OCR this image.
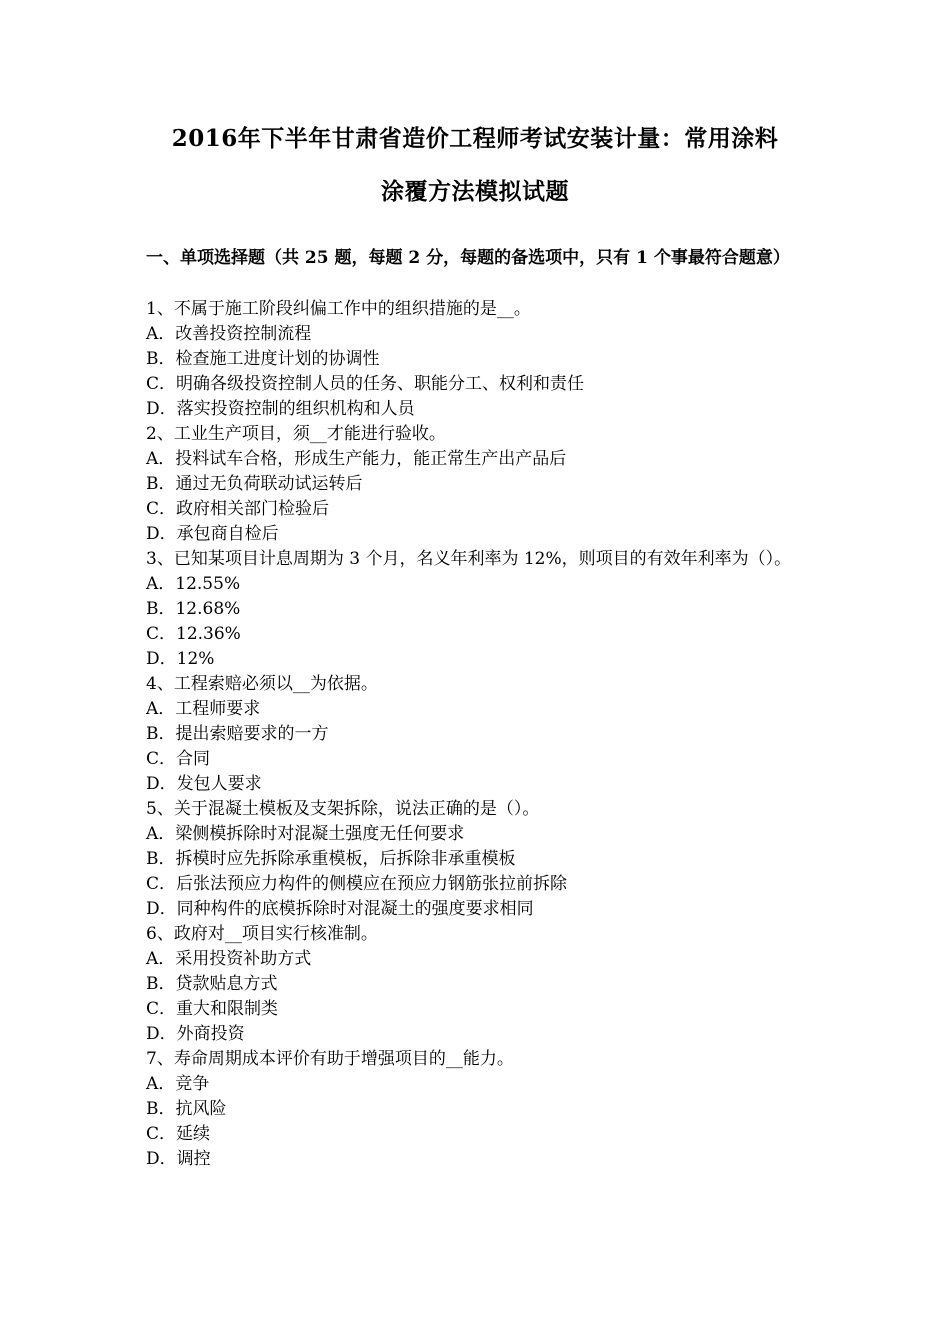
2016年下半年甘肃省造价工程师考试安装计量：常用涂料
涂覆方法模拟试题
一、单项选择题（共 25 题，每题 2 分，每题的备选项中，只有 1 个事最符合题意）

1、不属于施工阶段纠偏工作中的组织措施的是__。

A．改善投资控制流程

B．检查施工进度计划的协调性

C．明确各级投资控制人员的任务、职能分工、权利和责任

D．落实投资控制的组织机构和人员

2、工业生产项目，须__才能进行验收。

A．投料试车合格，形成生产能力，能正常生产出产品后

B．通过无负荷联动试运转后

C．政府相关部门检验后

D．承包商自检后

3、已知某项目计息周期为 3 个月，名义年利率为 12%，则项目的有效年利率为（）。

A．12.55%

B．12.68%

C．12.36%

D．12%

4、工程索赔必须以__为依据。

A．工程师要求

B．提出索赔要求的一方

C．合同

D．发包人要求

5、关于混凝土模板及支架拆除，说法正确的是（）。

A．梁侧模拆除时对混凝土强度无任何要求

B．拆模时应先拆除承重模板，后拆除非承重模板

C．后张法预应力构件的侧模应在预应力钢筋张拉前拆除

D．同种构件的底模拆除时对混凝土的强度要求相同

6、政府对__项目实行核准制。

A．采用投资补助方式

B．贷款贴息方式

C．重大和限制类

D．外商投资

7、寿命周期成本评价有助于增强项目的__能力。

A．竞争

B．抗风险

C．延续

D．调控
